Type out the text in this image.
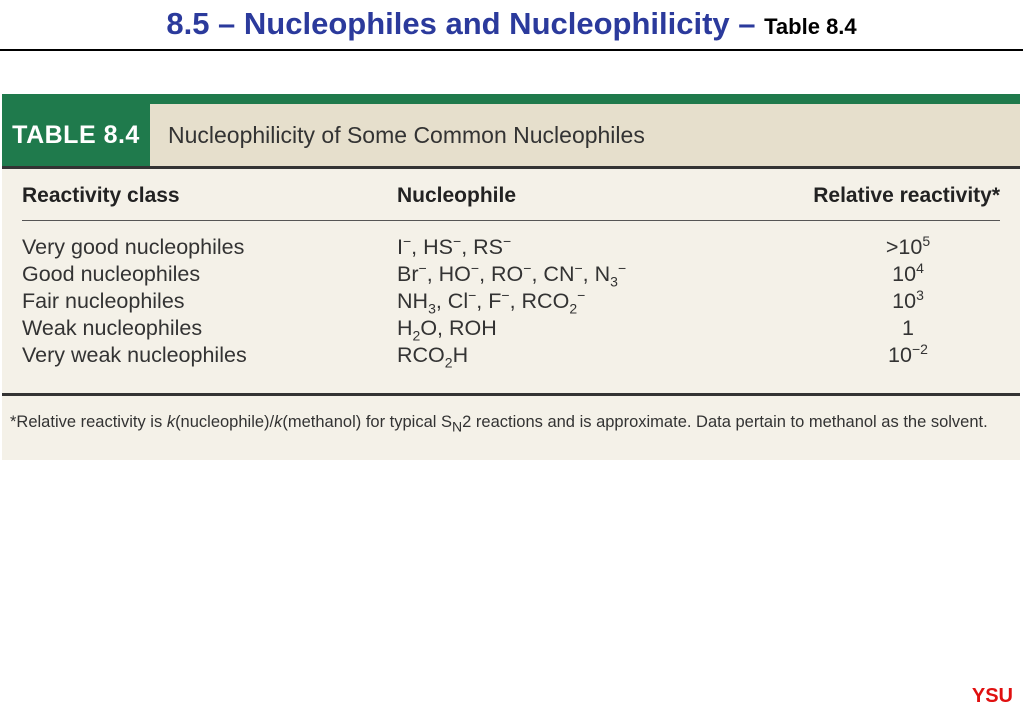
8.5 – Nucleophiles and Nucleophilicity – Table 8.4
TABLE 8.4	Nucleophilicity of Some Common Nucleophiles
Reactivity class	Nucleophile	Relative reactivity*
Very good nucleophiles	I−, HS−, RS−	$>10^5$
Good nucleophiles	Br−, HO−, RO−, CN−, $N_3^-$	$10^4$
Fair nucleophiles	$NH_3$, Cl−, F−, $RCO_2^-$	$10^3$
Weak nucleophiles	$H_2O$, ROH	1
Very weak nucleophiles	$RCO_2H$	$10^{-2}$
*Relative reactivity is k(nucleophile)/k(methanol) for typical $S_N2$ reactions and is approximate. Data pertain to methanol as the solvent.
YSU
